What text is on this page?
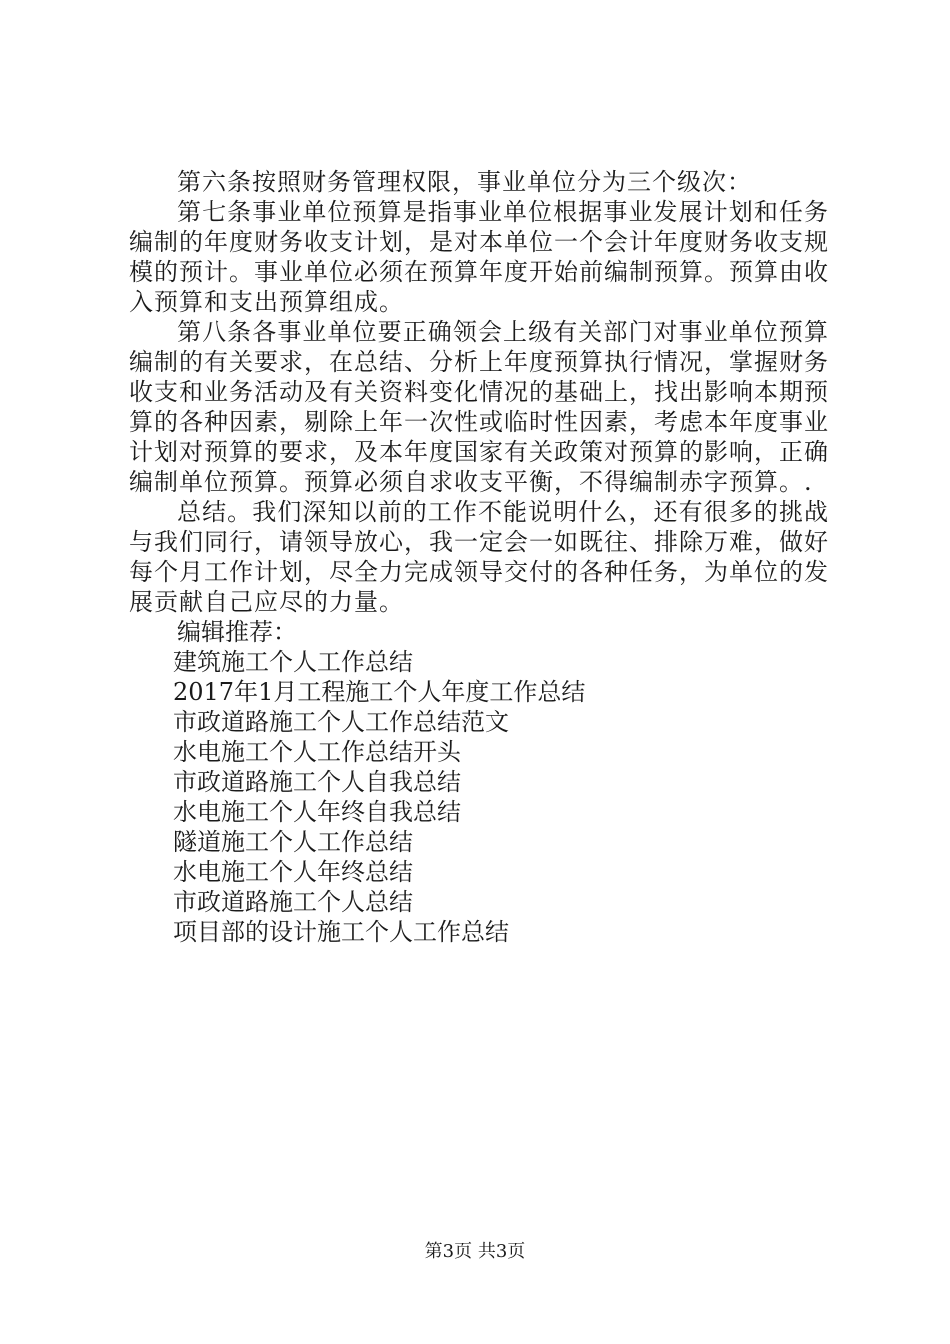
第六条按照财务管理权限，事业单位分为三个级次：

第七条事业单位预算是指事业单位根据事业发展计划和任务编制的年度财务收支计划，是对本单位一个会计年度财务收支规模的预计。事业单位必须在预算年度开始前编制预算。预算由收入预算和支出预算组成。

第八条各事业单位要正确领会上级有关部门对事业单位预算编制的有关要求，在总结、分析上年度预算执行情况，掌握财务收支和业务活动及有关资料变化情况的基础上，找出影响本期预算的各种因素，剔除上年一次性或临时性因素，考虑本年度事业计划对预算的要求，及本年度国家有关政策对预算的影响，正确编制单位预算。预算必须自求收支平衡，不得编制赤字预算。.

总结。我们深知以前的工作不能说明什么，还有很多的挑战与我们同行，请领导放心，我一定会一如既往、排除万难，做好每个月工作计划，尽全力完成领导交付的各种任务，为单位的发展贡献自己应尽的力量。

编辑推荐：

建筑施工个人工作总结
2017年1月工程施工个人年度工作总结
市政道路施工个人工作总结范文
水电施工个人工作总结开头
市政道路施工个人自我总结
水电施工个人年终自我总结
隧道施工个人工作总结
水电施工个人年终总结
市政道路施工个人总结
项目部的设计施工个人工作总结
第3页 共3页
